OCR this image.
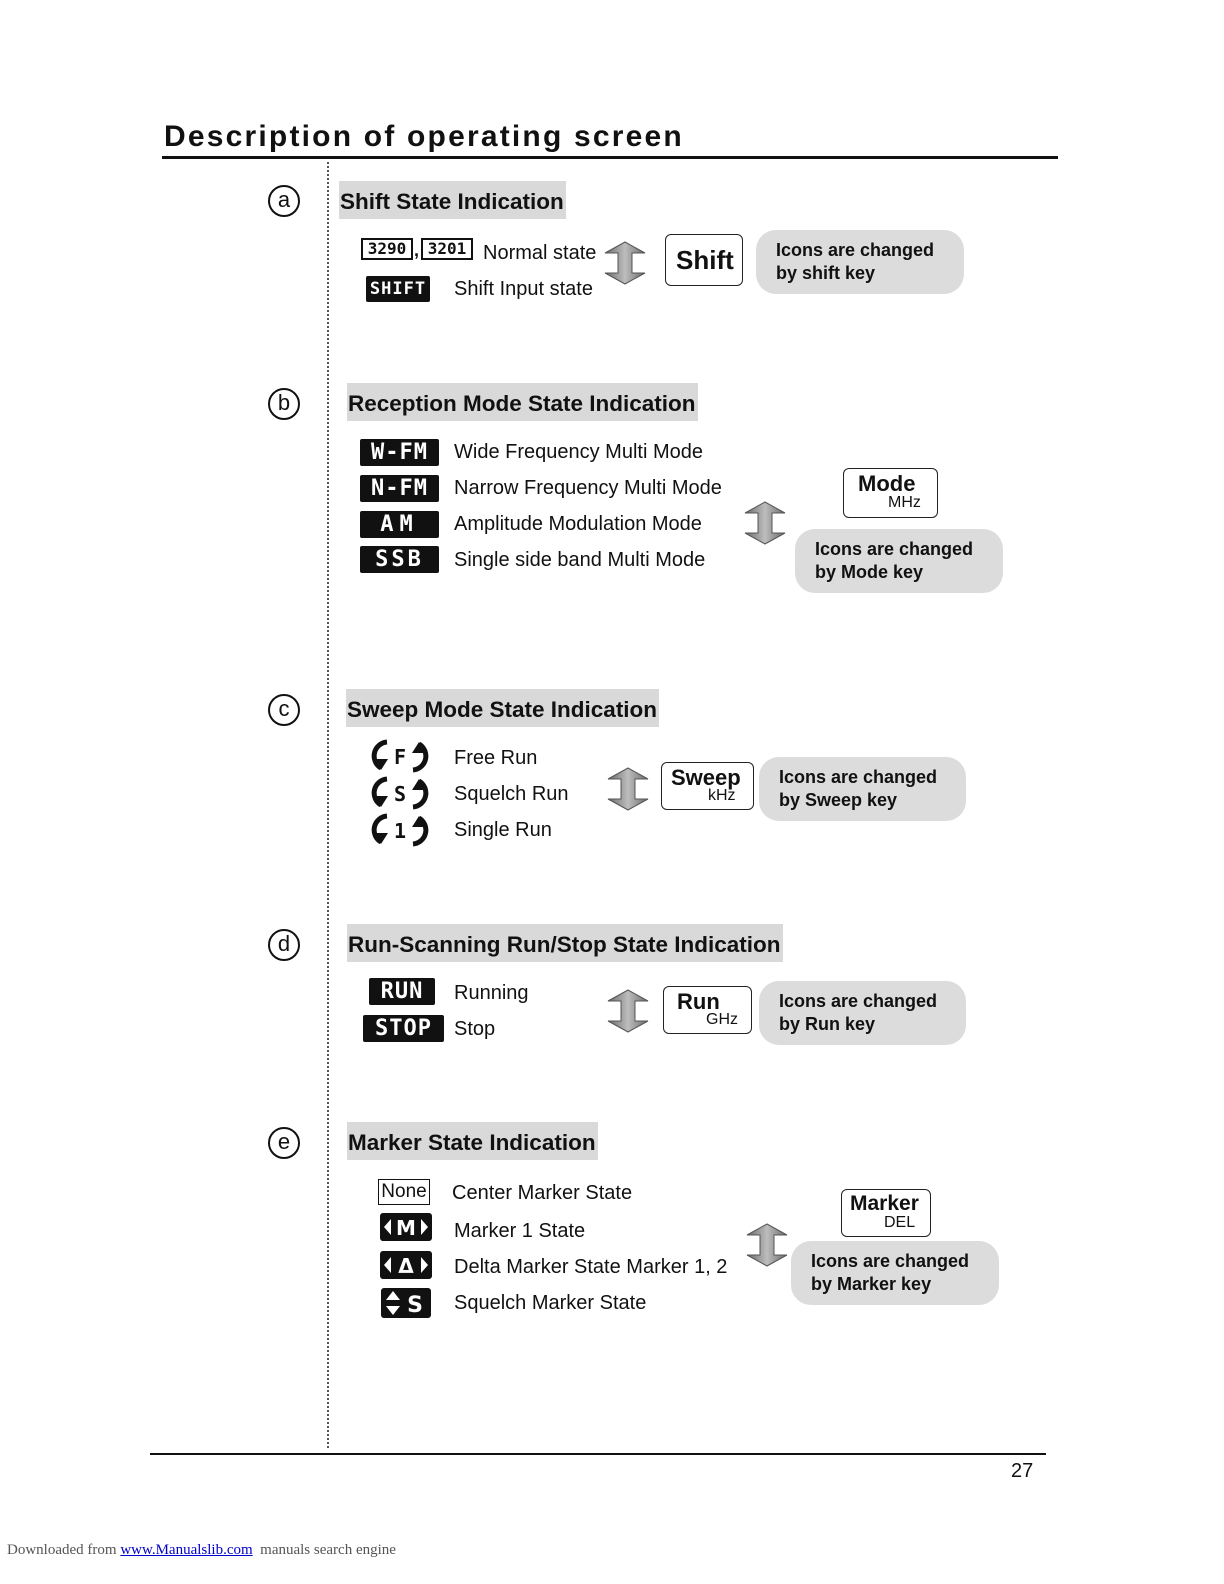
Description of operating screen
a	Shift State Indication
3290 , 3201 Normal state
SHIFT Shift Input state
Shift Icons are changed
by shift key
b	Reception Mode State Indication
W-FM	Wide Frequency Multi Mode
N-FM	Narrow Frequency Multi Mode
AM	Amplitude Modulation Mode
SSB	Single side band Multi Mode
Mode
MHz
Icons are changed
by Mode key
c	Sweep Mode State Indication
F Free Run
S Squelch Run
1 Single Run
Sweep
kHz
Icons are changed
by Sweep key
d	Run-Scanning Run/Stop State Indication
RUN	Running
STOP	Stop
Run
GHz
Icons are changed
by Run key
e	Marker State Indication
None Center Marker State
M Marker 1 State
Δ Delta Marker State Marker 1, 2
S Squelch Marker State
Marker
DEL
Icons are changed
by Marker key
27
Downloaded from www.Manualslib.com  manuals search engine
